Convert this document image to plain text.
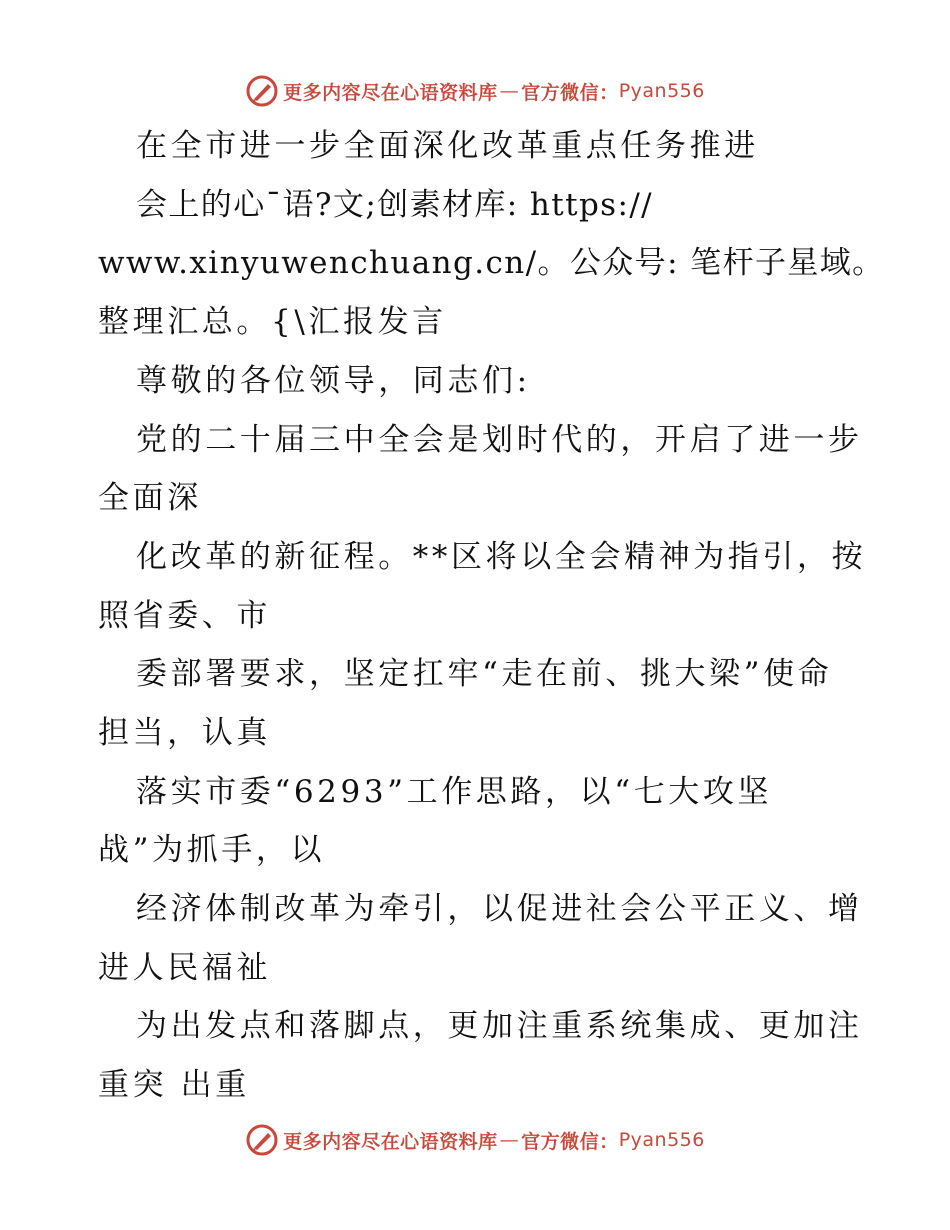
更多内容尽在心语资料库 — 官方微信： Pyan556
在全市进一步全面深化改革重点任务推进
会上的心¯语?文;创素材库: https://
www.xinyuwenchuang.cn/。公众号: 笔杆子星域。
整理汇总。{\汇报发言
尊敬的各位领导，同志们:
党的二十届三中全会是划时代的，开启了进一步
全面深
化改革的新征程。**区将以全会精神为指引，按
照省委、市
委部署要求，坚定扛牢“走在前、挑大梁”使命
担当，认真
落实市委“6293”工作思路，以“七大攻坚
战”为抓手，以
经济体制改革为牵引，以促进社会公平正义、增
进人民福祉
为出发点和落脚点，更加注重系统集成、更加注
重突 出重
更多内容尽在心语资料库 — 官方微信： Pyan556
